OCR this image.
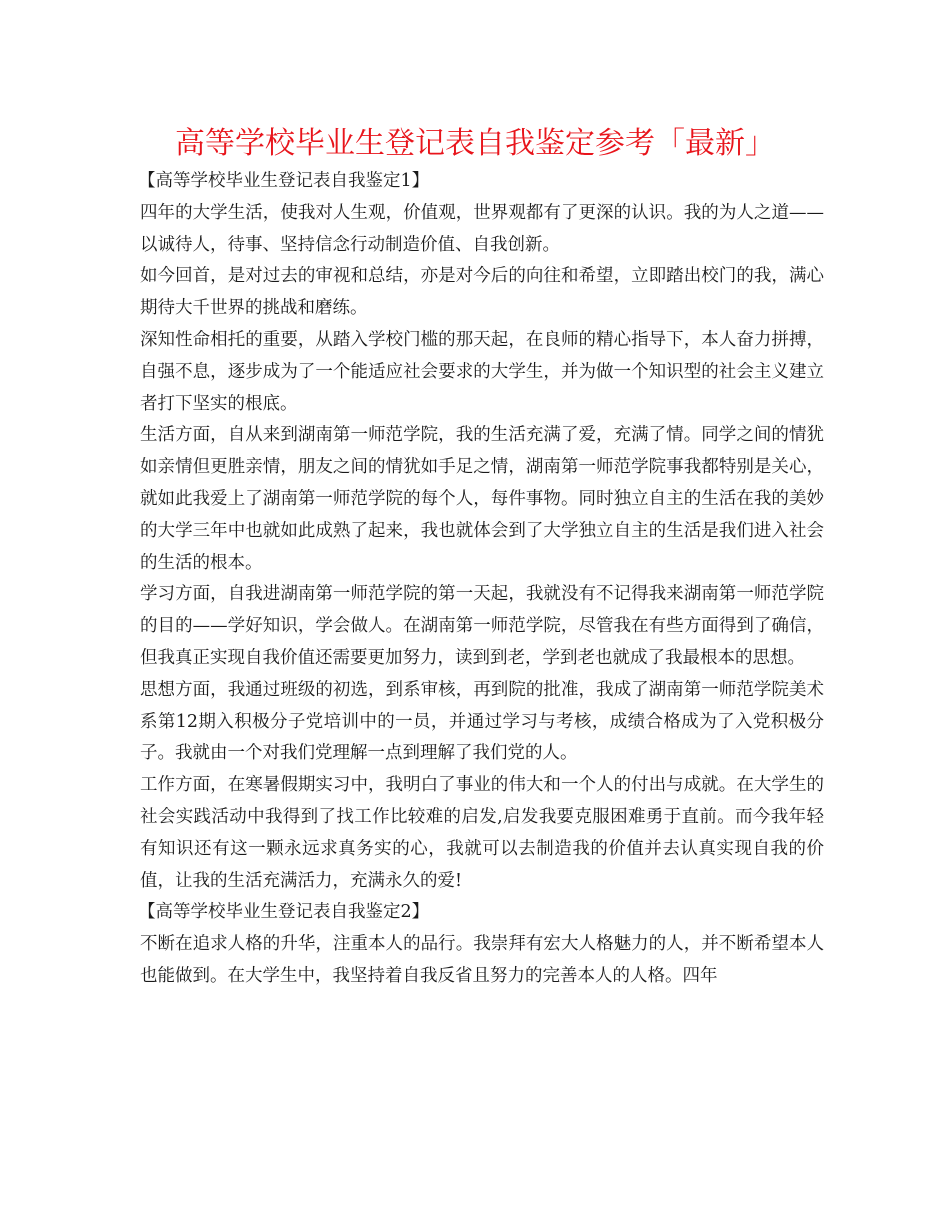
高等学校毕业生登记表自我鉴定参考「最新」

【高等学校毕业生登记表自我鉴定1】

四年的大学生活，使我对人生观，价值观，世界观都有了更深的认识。我的为人之道——以诚待人，待事、坚持信念行动制造价值、自我创新。

如今回首，是对过去的审视和总结，亦是对今后的向往和希望，立即踏出校门的我，满心期待大千世界的挑战和磨练。

深知性命相托的重要，从踏入学校门槛的那天起，在良师的精心指导下，本人奋力拼搏，自强不息，逐步成为了一个能适应社会要求的大学生，并为做一个知识型的社会主义建立者打下坚实的根底。

生活方面，自从来到湖南第一师范学院，我的生活充满了爱，充满了情。同学之间的情犹如亲情但更胜亲情，朋友之间的情犹如手足之情，湖南第一师范学院事我都特别是关心，就如此我爱上了湖南第一师范学院的每个人，每件事物。同时独立自主的生活在我的美妙的大学三年中也就如此成熟了起来，我也就体会到了大学独立自主的生活是我们进入社会的生活的根本。

学习方面，自我进湖南第一师范学院的第一天起，我就没有不记得我来湖南第一师范学院的目的——学好知识，学会做人。在湖南第一师范学院，尽管我在有些方面得到了确信，但我真正实现自我价值还需要更加努力，读到到老，学到老也就成了我最根本的思想。

思想方面，我通过班级的初选，到系审核，再到院的批准，我成了湖南第一师范学院美术系第12期入积极分子党培训中的一员，并通过学习与考核，成绩合格成为了入党积极分子。我就由一个对我们党理解一点到理解了我们党的人。

工作方面，在寒暑假期实习中，我明白了事业的伟大和一个人的付出与成就。在大学生的社会实践活动中我得到了找工作比较难的启发,启发我要克服困难勇于直前。而今我年轻有知识还有这一颗永远求真务实的心，我就可以去制造我的价值并去认真实现自我的价值，让我的生活充满活力，充满永久的爱!

【高等学校毕业生登记表自我鉴定2】

不断在追求人格的升华，注重本人的品行。我崇拜有宏大人格魅力的人，并不断希望本人也能做到。在大学生中，我坚持着自我反省且努力的完善本人的人格。四年
